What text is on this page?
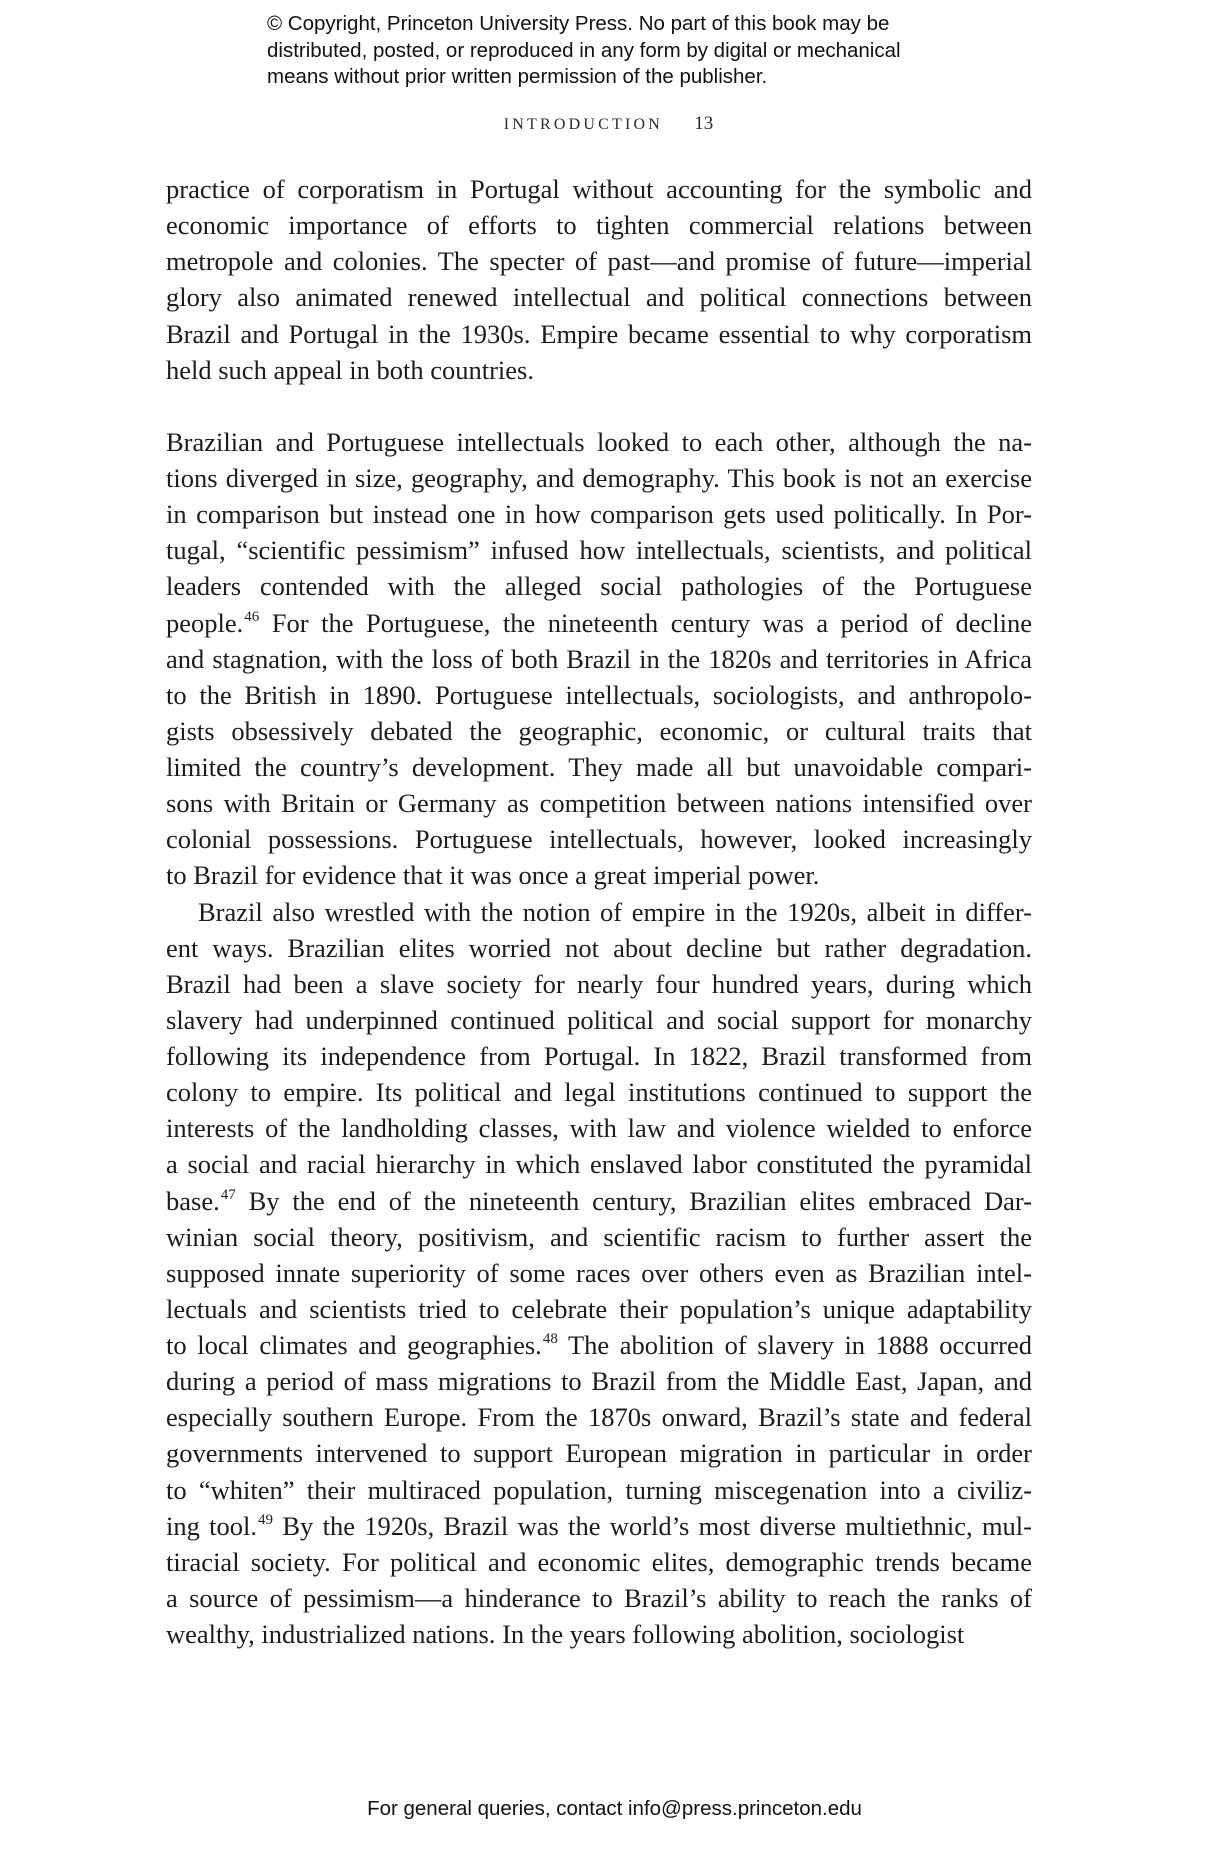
© Copyright, Princeton University Press. No part of this book may be
distributed, posted, or reproduced in any form by digital or mechanical
means without prior written permission of the publisher.
INTRODUCTION 13
practice of corporatism in Portugal without accounting for the symbolic and
economic importance of efforts to tighten commercial relations between
metropole and colonies. The specter of past—and promise of future—imperial
glory also animated renewed intellectual and political connections between
Brazil and Portugal in the 1930s. Empire became essential to why corporatism
held such appeal in both countries.
Brazilian and Portuguese intellectuals looked to each other, although the na-
tions diverged in size, geography, and demography. This book is not an exercise
in comparison but instead one in how comparison gets used politically. In Por-
tugal, “scientific pessimism” infused how intellectuals, scientists, and political
leaders contended with the alleged social pathologies of the Portuguese
people.$^{46}$ For the Portuguese, the nineteenth century was a period of decline
and stagnation, with the loss of both Brazil in the 1820s and territories in Africa
to the British in 1890. Portuguese intellectuals, sociologists, and anthropolo-
gists obsessively debated the geographic, economic, or cultural traits that
limited the country’s development. They made all but unavoidable compari-
sons with Britain or Germany as competition between nations intensified over
colonial possessions. Portuguese intellectuals, however, looked increasingly
to Brazil for evidence that it was once a great imperial power.
Brazil also wrestled with the notion of empire in the 1920s, albeit in differ-
ent ways. Brazilian elites worried not about decline but rather degradation.
Brazil had been a slave society for nearly four hundred years, during which
slavery had underpinned continued political and social support for monarchy
following its independence from Portugal. In 1822, Brazil transformed from
colony to empire. Its political and legal institutions continued to support the
interests of the landholding classes, with law and violence wielded to enforce
a social and racial hierarchy in which enslaved labor constituted the pyramidal
base.$^{47}$ By the end of the nineteenth century, Brazilian elites embraced Dar-
winian social theory, positivism, and scientific racism to further assert the
supposed innate superiority of some races over others even as Brazilian intel-
lectuals and scientists tried to celebrate their population’s unique adaptability
to local climates and geographies.$^{48}$ The abolition of slavery in 1888 occurred
during a period of mass migrations to Brazil from the Middle East, Japan, and
especially southern Europe. From the 1870s onward, Brazil’s state and federal
governments intervened to support European migration in particular in order
to “whiten” their multiraced population, turning miscegenation into a civiliz-
ing tool.$^{49}$ By the 1920s, Brazil was the world’s most diverse multiethnic, mul-
tiracial society. For political and economic elites, demographic trends became
a source of pessimism—a hinderance to Brazil’s ability to reach the ranks of
wealthy, industrialized nations. In the years following abolition, sociologist
For general queries, contact info@press.princeton.edu
